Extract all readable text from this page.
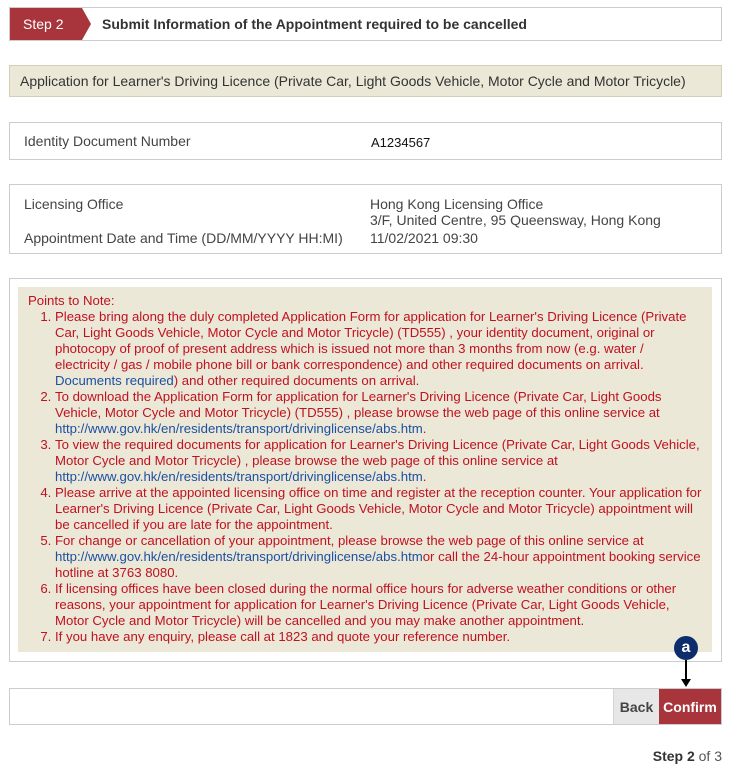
Step 2	Submit Information of the Appointment required to be cancelled
Application for Learner's Driving Licence (Private Car, Light Goods Vehicle, Motor Cycle and Motor Tricycle)
Identity Document Number	A1234567
Licensing Office	Hong Kong Licensing Office
3/F, United Centre, 95 Queensway, Hong Kong
Appointment Date and Time (DD/MM/YYYY HH:MI) 11/02/2021 09:30
Points to Note:
1. Please bring along the duly completed Application Form for application for Learner's Driving Licence (Private Car, Light Goods Vehicle, Motor Cycle and Motor Tricycle) (TD555) , your identity document, original or photocopy of proof of present address which is issued not more than 3 months from now (e.g. water / electricity / gas / mobile phone bill or bank correspondence) and other required documents on arrival. Documents required) and other required documents on arrival.
2. To download the Application Form for application for Learner's Driving Licence (Private Car, Light Goods Vehicle, Motor Cycle and Motor Tricycle) (TD555) , please browse the web page of this online service at http://www.gov.hk/en/residents/transport/drivinglicense/abs.htm.
3. To view the required documents for application for Learner's Driving Licence (Private Car, Light Goods Vehicle, Motor Cycle and Motor Tricycle) , please browse the web page of this online service at http://www.gov.hk/en/residents/transport/drivinglicense/abs.htm.
4. Please arrive at the appointed licensing office on time and register at the reception counter. Your application for Learner's Driving Licence (Private Car, Light Goods Vehicle, Motor Cycle and Motor Tricycle) appointment will be cancelled if you are late for the appointment.
5. For change or cancellation of your appointment, please browse the web page of this online service at http://www.gov.hk/en/residents/transport/drivinglicense/abs.htmor call the 24-hour appointment booking service hotline at 3763 8080.
6. If licensing offices have been closed during the normal office hours for adverse weather conditions or other reasons, your appointment for application for Learner's Driving Licence (Private Car, Light Goods Vehicle, Motor Cycle and Motor Tricycle) will be cancelled and you may make another appointment.
7. If you have any enquiry, please call at 1823 and quote your reference number.
a
Back Confirm
Step 2 of 3
